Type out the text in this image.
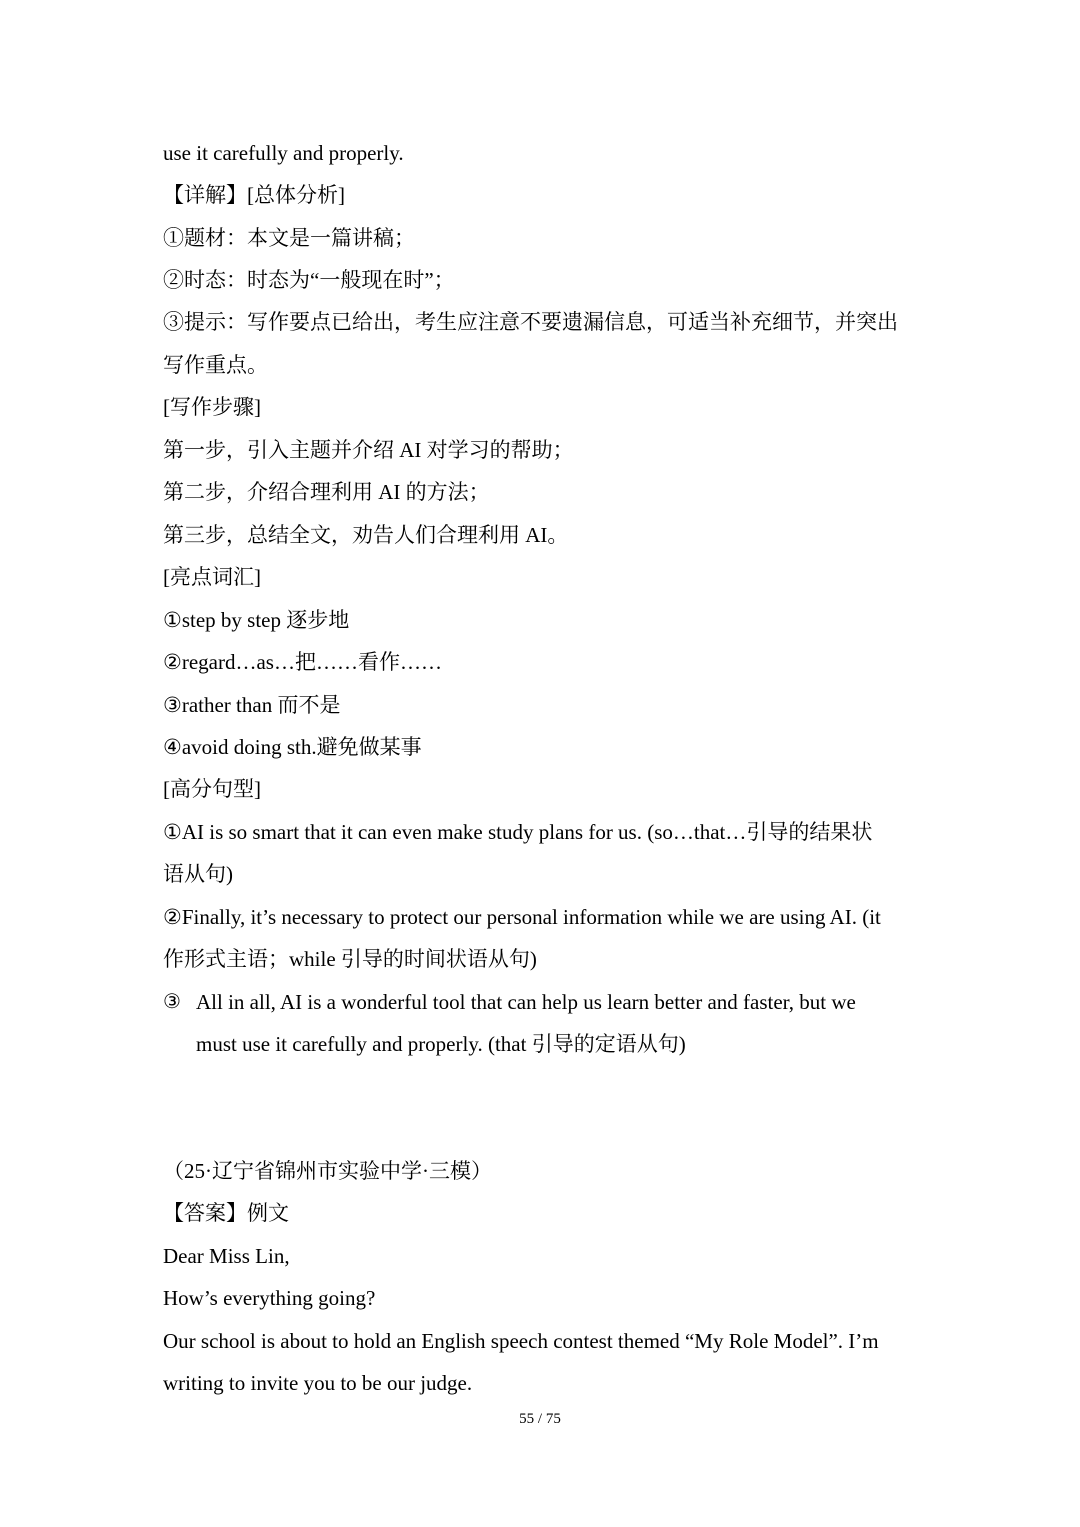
use it carefully and properly.
【详解】[总体分析]
①题材：本文是一篇讲稿；
②时态：时态为“一般现在时”；
③提示：写作要点已给出，考生应注意不要遗漏信息，可适当补充细节，并突出
写作重点。
[写作步骤]
第一步，引入主题并介绍 AI 对学习的帮助；
第二步，介绍合理利用 AI 的方法；
第三步，总结全文，劝告人们合理利用 AI。
[亮点词汇]
①step by step 逐步地
②regard…as…把……看作……
③rather than 而不是
④avoid doing sth.避免做某事
[高分句型]
①AI is so smart that it can even make study plans for us. (so…that…引导的结果状
语从句)
②Finally, it’s necessary to protect our personal information while we are using AI. (it
作形式主语；while 引导的时间状语从句)
③ All in all, AI is a wonderful tool that can help us learn better and faster, but we
must use it carefully and properly. (that 引导的定语从句)
（25·辽宁省锦州市实验中学·三模）
【答案】例文
Dear Miss Lin,
How’s everything going?
Our school is about to hold an English speech contest themed “My Role Model”. I’m
writing to invite you to be our judge.
55 / 75
